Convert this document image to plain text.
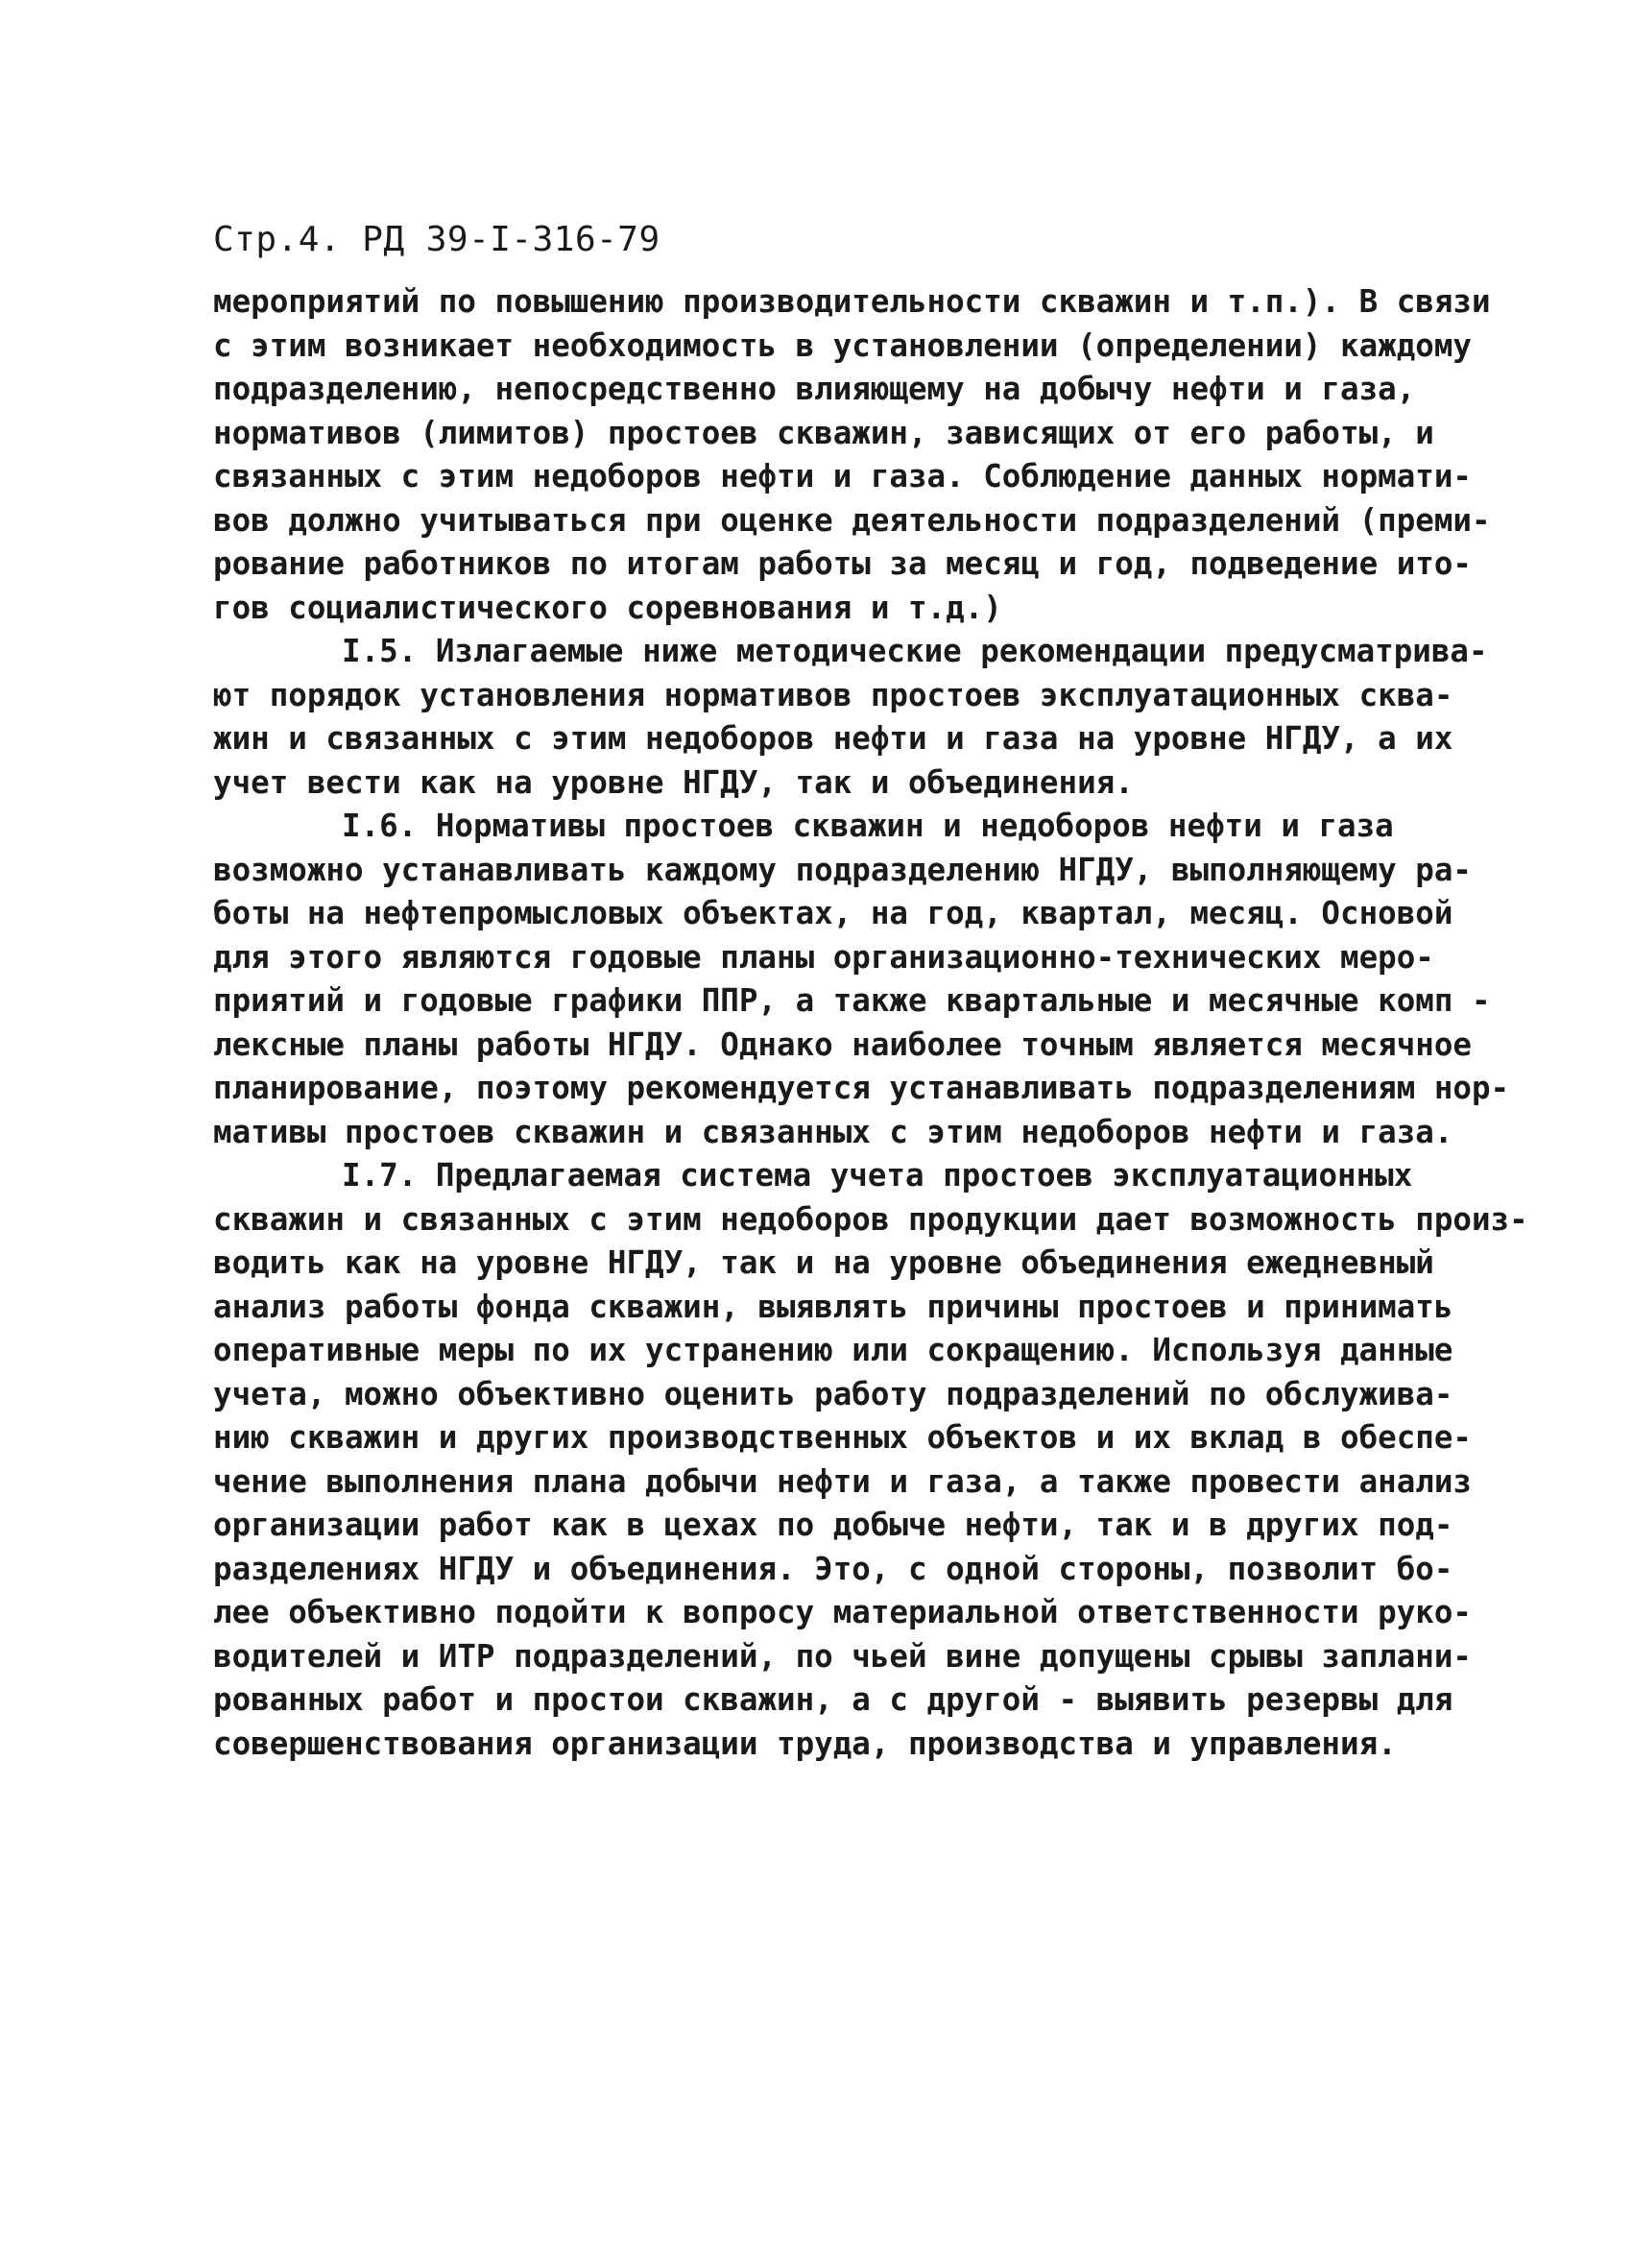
Стр.4. РД 39-I-316-79
мероприятий по повышению производительности скважин и т.п.). В связи
с этим возникает необходимость в установлении (определении) каждому
подразделению, непосредственно влияющему на добычу нефти и газа,
нормативов (лимитов) простоев скважин, зависящих от его работы, и
связанных с этим недоборов нефти и газа. Соблюдение данных нормати-
вов должно учитываться при оценке деятельности подразделений (преми-
рование работников по итогам работы за месяц и год, подведение ито-
гов социалистического соревнования и т.д.)
I.5. Излагаемые ниже методические рекомендации предусматрива-
ют порядок установления нормативов простоев эксплуатационных сква-
жин и связанных с этим недоборов нефти и газа на уровне НГДУ, а их
учет вести как на уровне НГДУ, так и объединения.
I.6. Нормативы простоев скважин и недоборов нефти и газа
возможно устанавливать каждому подразделению НГДУ, выполняющему ра-
боты на нефтепромысловых объектах, на год, квартал, месяц. Основой
для этого являются годовые планы организационно-технических меро-
приятий и годовые графики ППР, а также квартальные и месячные комп -
лексные планы работы НГДУ. Однако наиболее точным является месячное
планирование, поэтому рекомендуется устанавливать подразделениям нор-
мативы простоев скважин и связанных с этим недоборов нефти и газа.
I.7. Предлагаемая система учета простоев эксплуатационных
скважин и связанных с этим недоборов продукции дает возможность произ-
водить как на уровне НГДУ, так и на уровне объединения ежедневный
анализ работы фонда скважин, выявлять причины простоев и принимать
оперативные меры по их устранению или сокращению. Используя данные
учета, можно объективно оценить работу подразделений по обслужива-
нию скважин и других производственных объектов и их вклад в обеспе-
чение выполнения плана добычи нефти и газа, а также провести анализ
организации работ как в цехах по добыче нефти, так и в других под-
разделениях НГДУ и объединения. Это, с одной стороны, позволит бо-
лее объективно подойти к вопросу материальной ответственности руко-
водителей и ИТР подразделений, по чьей вине допущены срывы заплани-
рованных работ и простои скважин, а с другой - выявить резервы для
совершенствования организации труда, производства и управления.
